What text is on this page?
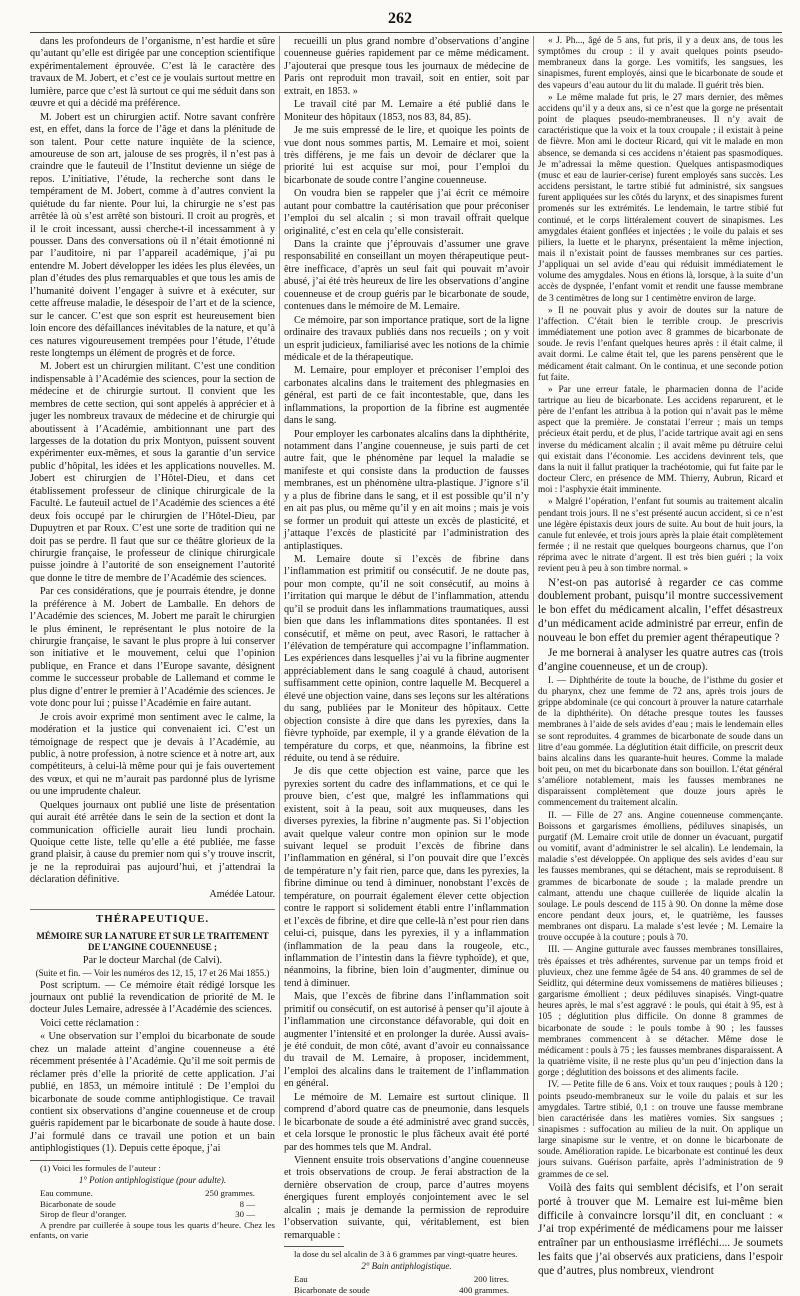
262

dans les profondeurs de l’organisme, n’est hardie et sûre qu’autant qu’elle est dirigée par une conception scientifique expérimentalement éprouvée. C’est là le caractère des travaux de M. Jobert, et c’est ce je voulais surtout mettre en lumière, parce que c’est là surtout ce qui me séduit dans son œuvre et qui a décidé ma préférence.

M. Jobert est un chirurgien actif. Notre savant confrère est, en effet, dans la force de l’âge et dans la plénitude de son talent. Pour cette nature inquiète de la science, amoureuse de son art, jalouse de ses progrès, il n’est pas à craindre que le fauteuil de l’Institut devienne un siége de repos. L’initiative, l’étude, la recherche sont dans le tempérament de M. Jobert, comme à d’autres convient la quiétude du far niente. Pour lui, la chirurgie ne s’est pas arrêtée là où s’est arrêté son bistouri. Il croit au progrès, et il le croit incessant, aussi cherche-t-il incessamment à y pousser. Dans des conversations où il n’était émotionné ni par l’auditoire, ni par l’appareil académique, j’ai pu entendre M. Jobert développer les idées les plus élevées, un plan d’études des plus remarquables et que tous les amis de l’humanité doivent l’engager à suivre et à exécuter, sur cette affreuse maladie, le désespoir de l’art et de la science, sur le cancer. C’est que son esprit est heureusement bien loin encore des défaillances inévitables de la nature, et qu’à ces natures vigoureusement trempées pour l’étude, l’étude reste longtemps un élément de progrès et de force.

M. Jobert est un chirurgien militant. C’est une condition indispensable à l’Académie des sciences, pour la section de médecine et de chirurgie surtout. Il convient que les membres de cette section, qui sont appelés à apprécier et à juger les nombreux travaux de médecine et de chirurgie qui aboutissent à l’Académie, ambitionnant une part des largesses de la dotation du prix Montyon, puissent souvent expérimenter eux-mêmes, et sous la garantie d’un service public d’hôpital, les idées et les applications nouvelles. M. Jobert est chirurgien de l’Hôtel-Dieu, et dans cet établissement professeur de clinique chirurgicale de la Faculté. Le fauteuil actuel de l’Académie des sciences a été deux fois occupé par le chirurgien de l’Hôtel-Dieu, par Dupuytren et par Roux. C’est une sorte de tradition qui ne doit pas se perdre. Il faut que sur ce théâtre glorieux de la chirurgie française, le professeur de clinique chirurgicale puisse joindre à l’autorité de son enseignement l’autorité que donne le titre de membre de l’Académie des sciences.

Par ces considérations, que je pourrais étendre, je donne la préférence à M. Jobert de Lamballe. En dehors de l’Académie des sciences, M. Jobert me paraît le chirurgien le plus éminent, le représentant le plus notoire de la chirurgie française, le savant le plus propre à lui conserver son initiative et le mouvement, celui que l’opinion publique, en France et dans l’Europe savante, désignent comme le successeur probable de Lallemand et comme le plus digne d’entrer le premier à l’Académie des sciences. Je vote donc pour lui ; puisse l’Académie en faire autant.

Je crois avoir exprimé mon sentiment avec le calme, la modération et la justice qui convenaient ici. C’est un témoignage de respect que je devais à l’Académie, au public, à notre profession, à notre science et à notre art, aux compétiteurs, à celui-là même pour qui je fais ouvertement des vœux, et qui ne m’aurait pas pardonné plus de lyrisme ou une imprudente chaleur.

Quelques journaux ont publié une liste de présentation qui aurait été arrêtée dans le sein de la section et dont la communication officielle aurait lieu lundi prochain. Quoique cette liste, telle qu’elle a été publiée, me fasse grand plaisir, à cause du premier nom qui s’y trouve inscrit, je ne la reproduirai pas aujourd’hui, et j’attendrai la déclaration définitive.

Amédée Latour.
THÉRAPEUTIQUE.
MÉMOIRE SUR LA NATURE ET SUR LE TRAITEMENT DE L’ANGINE COUENNEUSE ;
Par le docteur Marchal (de Calvi).
(Suite et fin. — Voir les numéros des 12, 15, 17 et 26 Mai 1855.)

Post scriptum. — Ce mémoire était rédigé lorsque les journaux ont publié la revendication de priorité de M. le docteur Jules Lemaire, adressée à l’Académie des sciences.

Voici cette réclamation :

« Une observation sur l’emploi du bicarbonate de soude chez un malade atteint d’angine couenneuse a été récemment présentée à l’Académie. Qu’il me soit permis de réclamer près d’elle la priorité de cette application. J’ai publié, en 1853, un mémoire intitulé : De l’emploi du bicarbonate de soude comme antiphlogistique. Ce travail contient six observations d’angine couenneuse et de croup guéris rapidement par le bicarbonate de soude à haute dose. J’ai formulé dans ce travail une potion et un bain antiphlogistiques (1). Depuis cette époque, j’ai

(1) Voici les formules de l’auteur :

1° Potion antiphlogistique (pour adulte).
Eau commune.	250 grammes.
Bicarbonate de soude	8 —
Sirop de fleur d’oranger.	30 —

A prendre par cuillerée à soupe tous les quarts d’heure. Chez les enfants, on varie

recueilli un plus grand nombre d’observations d’angine couenneuse guéries rapidement par ce même médicament. J’ajouterai que presque tous les journaux de médecine de Paris ont reproduit mon travail, soit en entier, soit par extrait, en 1853. »

Le travail cité par M. Lemaire a été publié dans le Moniteur des hôpitaux (1853, nos 83, 84, 85).

Je me suis empressé de le lire, et quoique les points de vue dont nous sommes partis, M. Lemaire et moi, soient très différens, je me fais un devoir de déclarer que la priorité lui est acquise sur moi, pour l’emploi du bicarbonate de soude contre l’angine couenneuse.

On voudra bien se rappeler que j’ai écrit ce mémoire autant pour combattre la cautérisation que pour préconiser l’emploi du sel alcalin ; si mon travail offrait quelque originalité, c’est en cela qu’elle consisterait.

Dans la crainte que j’éprouvais d’assumer une grave responsabilité en conseillant un moyen thérapeutique peut-être inefficace, d’après un seul fait qui pouvait m’avoir abusé, j’ai été très heureux de lire les observations d’angine couenneuse et de croup guéris par le bicarbonate de soude, contenues dans le mémoire de M. Lemaire.

Ce mémoire, par son importance pratique, sort de la ligne ordinaire des travaux publiés dans nos recueils ; on y voit un esprit judicieux, familiarisé avec les notions de la chimie médicale et de la thérapeutique.

M. Lemaire, pour employer et préconiser l’emploi des carbonates alcalins dans le traitement des phlegmasies en général, est parti de ce fait incontestable, que, dans les inflammations, la proportion de la fibrine est augmentée dans le sang.

Pour employer les carbonates alcalins dans la diphthérite, notamment dans l’angine couenneuse, je suis parti de cet autre fait, que le phénomène par lequel la maladie se manifeste et qui consiste dans la production de fausses membranes, est un phénomène ultra-plastique. J’ignore s’il y a plus de fibrine dans le sang, et il est possible qu’il n’y en ait pas plus, ou même qu’il y en ait moins ; mais je vois se former un produit qui atteste un excès de plasticité, et j’attaque l’excès de plasticité par l’administration des antiplastiques.

M. Lemaire doute si l’excès de fibrine dans l’inflammation est primitif ou consécutif. Je ne doute pas, pour mon compte, qu’il ne soit consécutif, au moins à l’irritation qui marque le début de l’inflammation, attendu qu’il se produit dans les inflammations traumatiques, aussi bien que dans les inflammations dites spontanées. Il est consécutif, et même on peut, avec Rasori, le rattacher à l’élévation de température qui accompagne l’inflammation. Les expériences dans lesquelles j’ai vu la fibrine augmenter appréciablement dans le sang coagulé à chaud, autorisent suffisamment cette opinion, contre laquelle M. Becquerel a élevé une objection vaine, dans ses leçons sur les altérations du sang, publiées par le Moniteur des hôpitaux. Cette objection consiste à dire que dans les pyrexies, dans la fièvre typhoïde, par exemple, il y a grande élévation de la température du corps, et que, néanmoins, la fibrine est réduite, ou tend à se réduire.

Je dis que cette objection est vaine, parce que les pyrexies sortent du cadre des inflammations, et ce qui le prouve bien, c’est que, malgré les inflammations qui existent, soit à la peau, soit aux muqueuses, dans les diverses pyrexies, la fibrine n’augmente pas. Si l’objection avait quelque valeur contre mon opinion sur le mode suivant lequel se produit l’excès de fibrine dans l’inflammation en général, si l’on pouvait dire que l’excès de température n’y fait rien, parce que, dans les pyrexies, la fibrine diminue ou tend à diminuer, nonobstant l’excès de température, on pourrait également élever cette objection contre le rapport si solidement établi entre l’inflammation et l’excès de fibrine, et dire que celle-là n’est pour rien dans celui-ci, puisque, dans les pyrexies, il y a inflammation (inflammation de la peau dans la rougeole, etc., inflammation de l’intestin dans la fièvre typhoïde), et que, néanmoins, la fibrine, bien loin d’augmenter, diminue ou tend à diminuer.

Mais, que l’excès de fibrine dans l’inflammation soit primitif ou consécutif, on est autorisé à penser qu’il ajoute à l’inflammation une circonstance défavorable, qui doit en augmenter l’intensité et en prolonger la durée. Aussi avais-je été conduit, de mon côté, avant d’avoir eu connaissance du travail de M. Lemaire, à proposer, incidemment, l’emploi des alcalins dans le traitement de l’inflammation en général.

Le mémoire de M. Lemaire est surtout clinique. Il comprend d’abord quatre cas de pneumonie, dans lesquels le bicarbonate de soude a été administré avec grand succès, et cela lorsque le pronostic le plus fâcheux avait été porté par des hommes tels que M. Andral.

Viennent ensuite trois observations d’angine couenneuse et trois observations de croup. Je ferai abstraction de la dernière observation de croup, parce d’autres moyens énergiques furent employés conjointement avec le sel alcalin ; mais je demande la permission de reproduire l’observation suivante, qui, véritablement, est bien remarquable :

la dose du sel alcalin de 3 à 6 grammes par vingt-quatre heures.

2° Bain antiphlogistique.
Eau	200 litres.
Bicarbonate de soude	400 grammes.

« J. Ph..., âgé de 5 ans, fut pris, il y a deux ans, de tous les symptômes du croup : il y avait quelques points pseudo-membraneux dans la gorge. Les vomitifs, les sangsues, les sinapismes, furent employés, ainsi que le bicarbonate de soude et des vapeurs d’eau autour du lit du malade. Il guérit très bien.

» Le même malade fut pris, le 27 mars dernier, des mêmes accidens qu’il y a deux ans, si ce n’est que la gorge ne présentait point de plaques pseudo-membraneuses. Il n’y avait de caractéristique que la voix et la toux croupale ; il existait à peine de fièvre. Mon ami le docteur Ricard, qui vit le malade en mon absence, se demanda si ces accidens n’étaient pas spasmodiques. Je m’adressai la même question. Quelques antispasmodiques (musc et eau de laurier-cerise) furent employés sans succès. Les accidens persistant, le tartre stibié fut administré, six sangsues furent appliquées sur les côtés du larynx, et des sinapismes furent promenés sur les extrémités. Le lendemain, le tartre stibié fut continué, et le corps littéralement couvert de sinapismes. Les amygdales étaient gonflées et injectées ; le voile du palais et ses piliers, la luette et le pharynx, présentaient la même injection, mais il n’existait point de fausses membranes sur ces parties. J’appliquai un sel avide d’eau qui réduisit immédiatement le volume des amygdales. Nous en étions là, lorsque, à la suite d’un accès de dyspnée, l’enfant vomit et rendit une fausse membrane de 3 centimètres de long sur 1 centimètre environ de large.

» Il ne pouvait plus y avoir de doutes sur la nature de l’affection. C’était bien le terrible croup. Je prescrivis immédiatement une potion avec 8 grammes de bicarbonate de soude. Je revis l’enfant quelques heures après : il était calme, il avait dormi. Le calme était tel, que les parens pensèrent que le médicament était calmant. On le continua, et une seconde potion fut faite.

» Par une erreur fatale, le pharmacien donna de l’acide tartrique au lieu de bicarbonate. Les accidens reparurent, et le père de l’enfant les attribua à la potion qui n’avait pas le même aspect que la première. Je constatai l’erreur ; mais un temps précieux était perdu, et de plus, l’acide tartrique avait agi en sens inverse du médicament alcalin ; il avait même pu détruire celui qui existait dans l’économie. Les accidens devinrent tels, que dans la nuit il fallut pratiquer la trachéotomie, qui fut faite par le docteur Clerc, en présence de MM. Thierry, Aubrun, Ricard et moi : l’asphyxie était imminente.

» Malgré l’opération, l’enfant fut soumis au traitement alcalin pendant trois jours. Il ne s’est présenté aucun accident, si ce n’est une légère épistaxis deux jours de suite. Au bout de huit jours, la canule fut enlevée, et trois jours après la plaie était complètement fermée ; il ne restait que quelques bourgeons charnus, que l’on réprima avec le nitrate d’argent. Il est très bien guéri ; la voix revient peu à peu à son timbre normal. »

N’est-on pas autorisé à regarder ce cas comme doublement probant, puisqu’il montre successivement le bon effet du médicament alcalin, l’effet désastreux d’un médicament acide administré par erreur, enfin de nouveau le bon effet du premier agent thérapeutique ?

Je me bornerai à analyser les quatre autres cas (trois d’angine couenneuse, et un de croup).

I. — Diphthérite de toute la bouche, de l’isthme du gosier et du pharynx, chez une femme de 72 ans, après trois jours de grippe abdominale (ce qui concourt à prouver la nature catarrhale de la diphthérite). On détache presque toutes les fausses membranes à l’aide de sels avides d’eau ; mais le lendemain elles se sont reproduites. 4 grammes de bicarbonate de soude dans un litre d’eau gommée. La déglutition était difficile, on prescrit deux bains alcalins dans les quarante-huit heures. Comme la malade boit peu, on met du bicarbonate dans son bouillon. L’état général s’améliore notablement, mais les fausses membranes ne disparaissent complètement que douze jours après le commencement du traitement alcalin.

II. — Fille de 27 ans. Angine couenneuse commençante. Boissons et gargarismes émolliens, pédiluves sinapisés, un purgatif (M. Lemaire croit utile de donner un évacuant, purgatif ou vomitif, avant d’administrer le sel alcalin). Le lendemain, la maladie s’est développée. On applique des sels avides d’eau sur les fausses membranes, qui se détachent, mais se reproduisent. 8 grammes de bicarbonate de soude ; la malade prendre un calmant, attendu une chaque cuillerée de liquide alcalin la soulage. Le pouls descend de 115 à 90. On donne la même dose encore pendant deux jours, et, le quatrième, les fausses membranes ont disparu. La malade s’est levée ; M. Lemaire la trouve occupée à la couture ; pouls à 70.

III. — Angine gutturale avec fausses membranes tonsillaires, très épaisses et très adhérentes, survenue par un temps froid et pluvieux, chez une femme âgée de 54 ans. 40 grammes de sel de Seidlitz, qui détermine deux vomissemens de matières bilieuses ; gargarisme émollient ; deux pédiluves sinapisés. Vingt-quatre heures après, le mal s’est aggravé : le pouls, qui était à 95, est à 105 ; déglutition plus difficile. On donne 8 grammes de bicarbonate de soude : le pouls tombe à 90 ; les fausses membranes commencent à se détacher. Même dose le médicament : pouls à 75 ; les fausses membranes disparaissent. A la quatrième visite, il ne reste plus qu’un peu d’injection dans la gorge ; déglutition des boissons et des aliments facile.

IV. — Petite fille de 6 ans. Voix et toux rauques ; pouls à 120 ; points pseudo-membraneux sur le voile du palais et sur les amygdales. Tartre stibié, 0,1 : on trouve une fausse membrane bien caractérisée dans les matières vomies. Six sangsues ; sinapismes : suffocation au milieu de la nuit. On applique un large sinapisme sur le ventre, et on donne le bicarbonate de soude. Amélioration rapide. Le bicarbonate est continué les deux jours suivans. Guérison parfaite, après l’administration de 9 grammes de ce sel.

Voilà des faits qui semblent décisifs, et l’on serait porté à trouver que M. Lemaire est lui-même bien difficile à convaincre lorsqu’il dit, en concluant : « J’ai trop expérimenté de médicamens pour me laisser entraîner par un enthousiasme irréfléchi.... Je soumets les faits que j’ai observés aux praticiens, dans l’espoir que d’autres, plus nombreux, viendront
